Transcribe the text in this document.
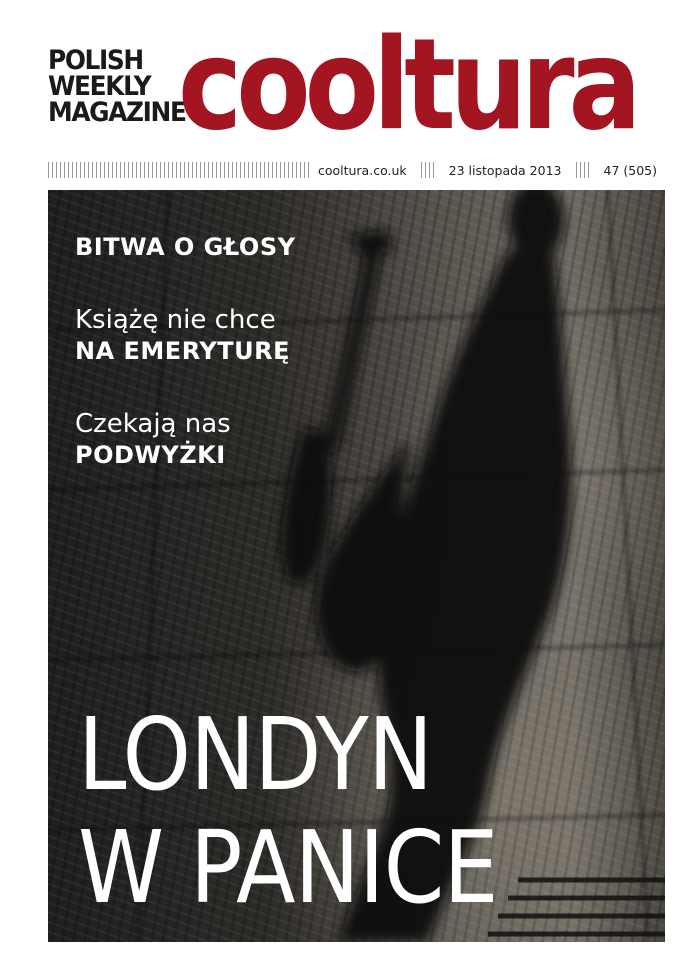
POLISH
WEEKLY
MAGAZINE
cooltura
cooltura.co.uk	23 listopada 2013	47 (505)
BITWA O GŁOSY
Książę nie chce
NA EMERYTURĘ
Czekają nas
PODWYŻKI
LONDYN
W PANICE
